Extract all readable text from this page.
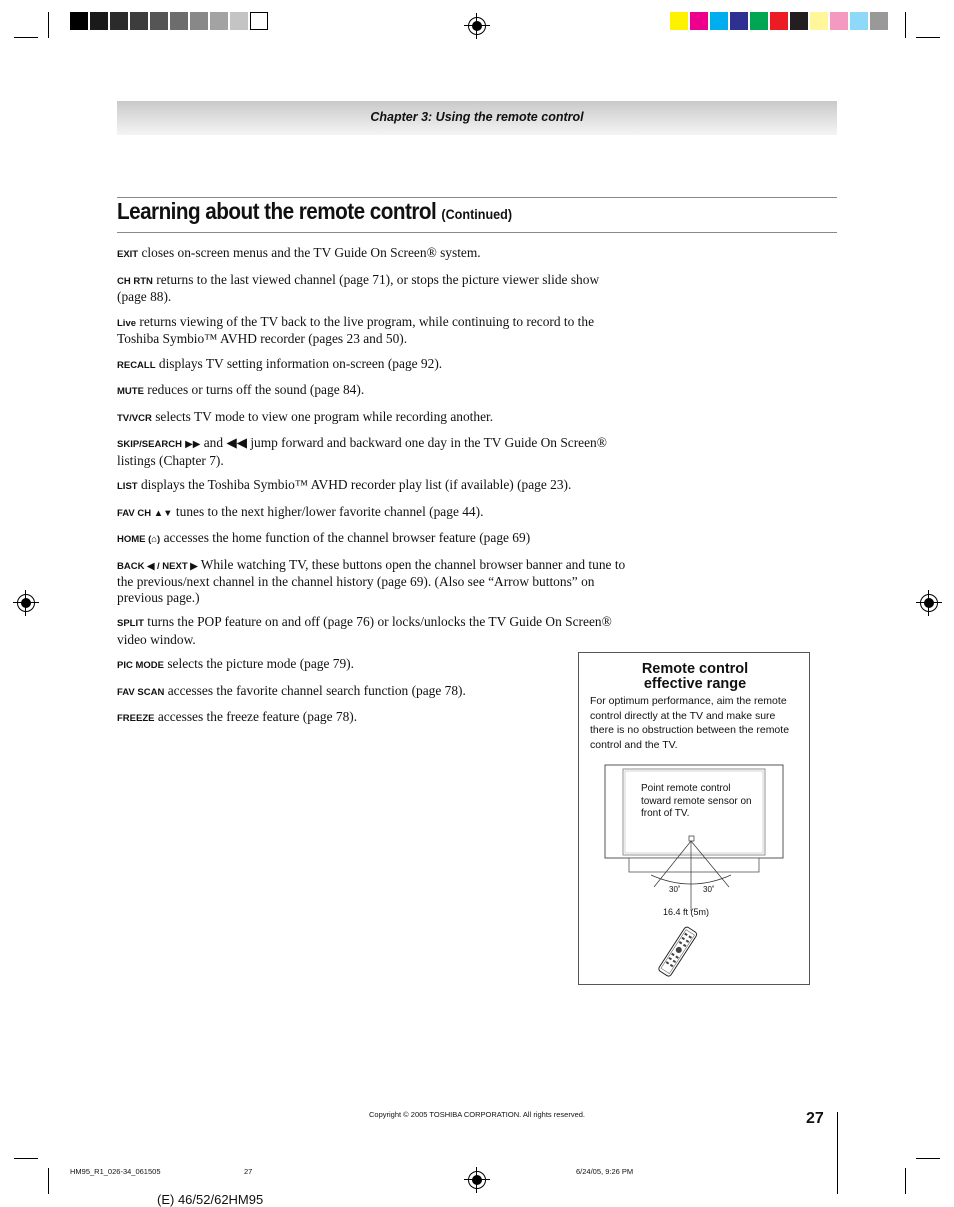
Chapter 3: Using the remote control
Learning about the remote control (Continued)
EXIT closes on-screen menus and the TV Guide On Screen® system.
CH RTN returns to the last viewed channel (page 71), or stops the picture viewer slide show (page 88).
Live returns viewing of the TV back to the live program, while continuing to record to the Toshiba Symbio™ AVHD recorder (pages 23 and 50).
RECALL displays TV setting information on-screen (page 92).
MUTE reduces or turns off the sound (page 84).
TV/VCR selects TV mode to view one program while recording another.
SKIP/SEARCH ▶▶ and ◀◀ jump forward and backward one day in the TV Guide On Screen® listings (Chapter 7).
LIST displays the Toshiba Symbio™ AVHD recorder play list (if available) (page 23).
FAV CH ▲▼ tunes to the next higher/lower favorite channel (page 44).
HOME (⌂) accesses the home function of the channel browser feature (page 69)
BACK ◀ / NEXT ▶ While watching TV, these buttons open the channel browser banner and tune to the previous/next channel in the channel history (page 69). (Also see “Arrow buttons” on previous page.)
SPLIT turns the POP feature on and off (page 76) or locks/unlocks the TV Guide On Screen® video window.
PIC MODE selects the picture mode (page 79).
FAV SCAN accesses the favorite channel search function (page 78).
FREEZE accesses the freeze feature (page 78).
Remote control effective range
For optimum performance, aim the remote control directly at the TV and make sure there is no obstruction between the remote control and the TV.
Point remote control toward remote sensor on front of TV.
30˚	30˚
16.4 ft (5m)
Copyright © 2005 TOSHIBA CORPORATION. All rights reserved.	27
HM95_R1_026-34_061505	27	6/24/05, 9:26 PM
(E) 46/52/62HM95
